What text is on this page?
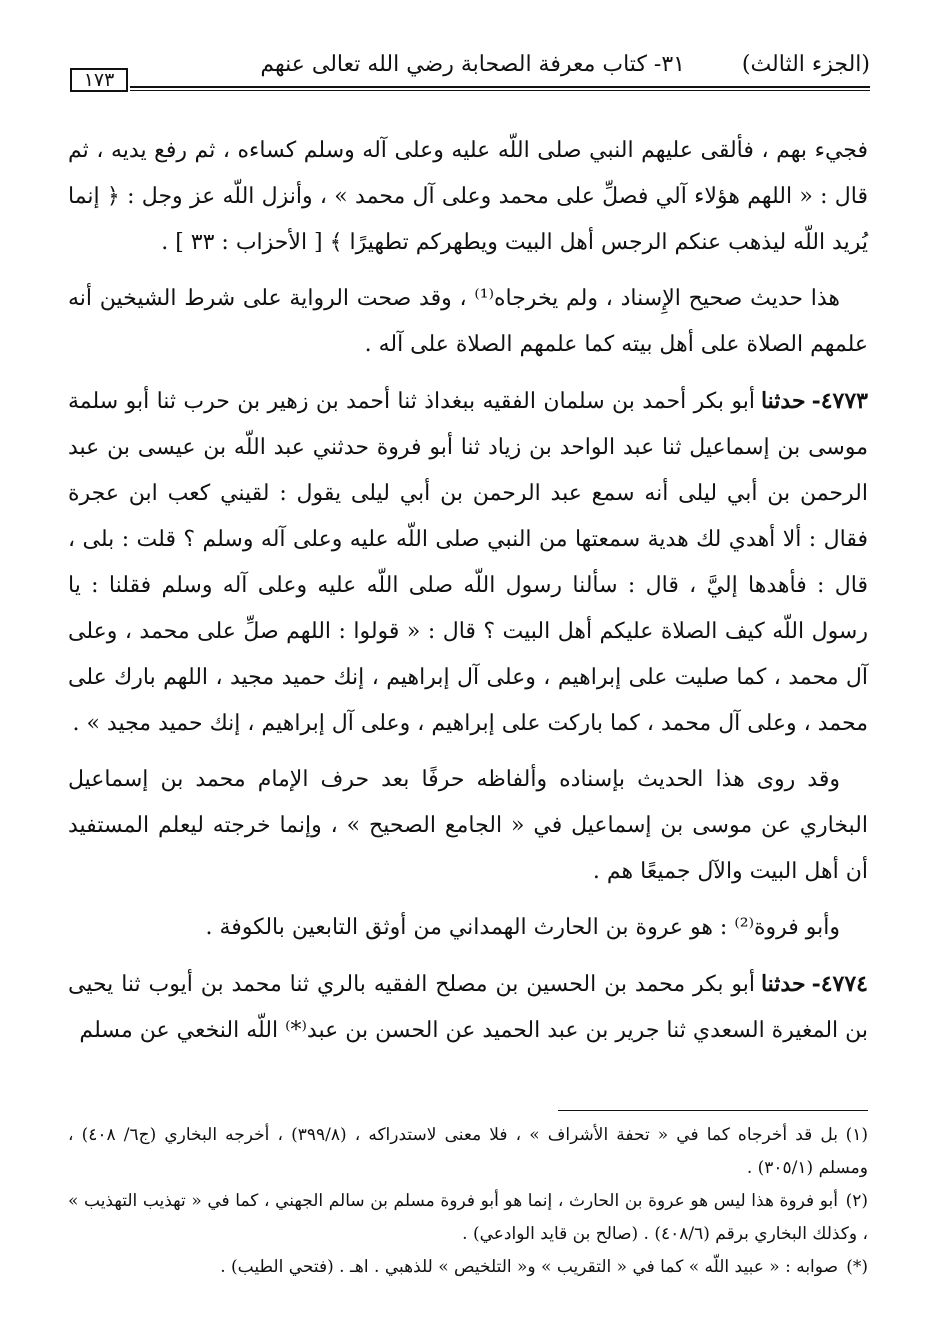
(الجزء الثالث)
٣١- كتاب معرفة الصحابة رضي الله تعالى عنهم
١٧٣

فجيء بهم ، فألقى عليهم النبي صلى اللّه عليه وعلى آله وسلم كساءه ، ثم رفع يديه ، ثم قال : « اللهم هؤلاء آلي فصلِّ على محمد وعلى آل محمد » ، وأنزل اللّه عز وجل : ﴿ إنما يُريد اللّه ليذهب عنكم الرجس أهل البيت ويطهركم تطهيرًا ﴾ [ الأحزاب : ٣٣ ] .

هذا حديث صحيح الإِسناد ، ولم يخرجاه⁽¹⁾ ، وقد صحت الرواية على شرط الشيخين أنه علمهم الصلاة على أهل بيته كما علمهم الصلاة على آله .

٤٧٧٣-حدثناأبو بكر أحمد بن سلمان الفقيه ببغداذ ثنا أحمد بن زهير بن حرب ثنا أبو سلمة موسى بن إسماعيل ثنا عبد الواحد بن زياد ثنا أبو فروة حدثني عبد اللّه بن عيسى بن عبد الرحمن بن أبي ليلى أنه سمع عبد الرحمن بن أبي ليلى يقول : لقيني كعب ابن عجرة فقال : ألا أهدي لك هدية سمعتها من النبي صلى اللّه عليه وعلى آله وسلم ؟ قلت : بلى ، قال : فأهدها إليَّ ، قال : سألنا رسول اللّه صلى اللّه عليه وعلى آله وسلم فقلنا : يا رسول اللّه كيف الصلاة عليكم أهل البيت ؟ قال : « قولوا : اللهم صلِّ على محمد ، وعلى آل محمد ، كما صليت على إبراهيم ، وعلى آل إبراهيم ، إنك حميد مجيد ، اللهم بارك على محمد ، وعلى آل محمد ، كما باركت على إبراهيم ، وعلى آل إبراهيم ، إنك حميد مجيد » .

وقد روى هذا الحديث بإسناده وألفاظه حرفًا بعد حرف الإمام محمد بن إسماعيل البخاري عن موسى بن إسماعيل في « الجامع الصحيح » ، وإنما خرجته ليعلم المستفيد أن أهل البيت والآل جميعًا هم .

وأبو فروة⁽²⁾ : هو عروة بن الحارث الهمداني من أوثق التابعين بالكوفة .

٤٧٧٤-حدثناأبو بكر محمد بن الحسين بن مصلح الفقيه بالري ثنا محمد بن أيوب ثنا يحيى بن المغيرة السعدي ثنا جرير بن عبد الحميد عن الحسن بن عبد⁽*⁾ اللّه النخعي عن مسلم

(١)بل قد أخرجاه كما في « تحفة الأشراف » ، فلا معنى لاستدراكه ، (٣٩٩/٨) ، أخرجه البخاري (ج٦/ ٤٠٨) ، ومسلم (٣٠٥/١) .

(٢)أبو فروة هذا ليس هو عروة بن الحارث ، إنما هو أبو فروة مسلم بن سالم الجهني ، كما في « تهذيب التهذيب » ، وكذلك البخاري برقم (٤٠٨/٦) . (صالح بن قايد الوادعي) .

(*)صوابه : « عبيد اللّه » كما في « التقريب » و« التلخيص » للذهبي . اهـ . (فتحي الطيب) .
